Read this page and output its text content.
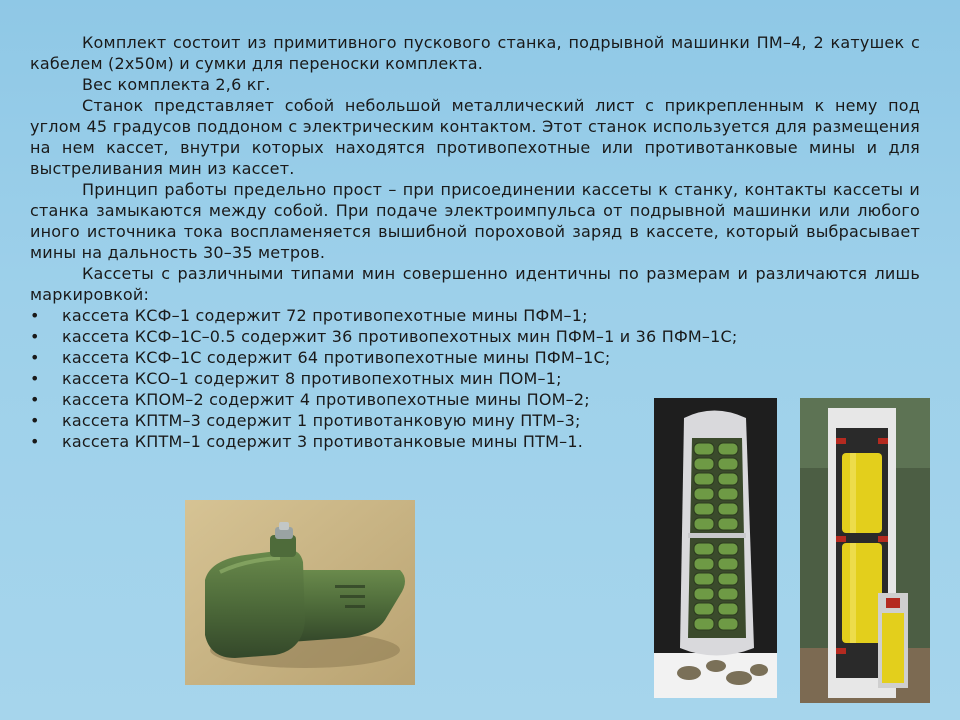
Комплект состоит из примитивного пускового станка, подрывной машинки ПМ–4, 2 катушек с кабелем (2х50м) и сумки для переноски комплекта.

Вес комплекта 2,6 кг.

Станок представляет собой небольшой металлический лист с прикрепленным к нему под углом 45 градусов поддоном с электрическим контактом. Этот станок используется для размещения на нем кассет, внутри которых находятся противопехотные или противотанковые мины и для выстреливания мин из кассет.

Принцип работы предельно прост – при присоединении кассеты к станку, контакты кассеты и станка замыкаются между собой. При подаче электроимпульса от подрывной машинки или любого иного источника тока воспламеняется вышибной пороховой заряд в кассете, который выбрасывает мины на дальность 30–35 метров.

Кассеты с различными типами мин совершенно идентичны по размерам и различаются лишь маркировкой:

• кассета КСФ–1 содержит 72 противопехотные мины ПФМ–1;
• кассета КСФ–1С–0.5 содержит 36 противопехотных мин ПФМ–1 и 36 ПФМ–1С;
• кассета КСФ–1С содержит 64 противопехотные мины ПФМ–1С;
• кассета КСО–1 содержит 8 противопехотных мин ПОМ–1;
• кассета КПОМ–2 содержит 4 противопехотные мины ПОМ–2;
• кассета КПТМ–3 содержит 1 противотанковую мину ПТМ–3;
• кассета КПТМ–1 содержит 3 противотанковые мины ПТМ–1.
